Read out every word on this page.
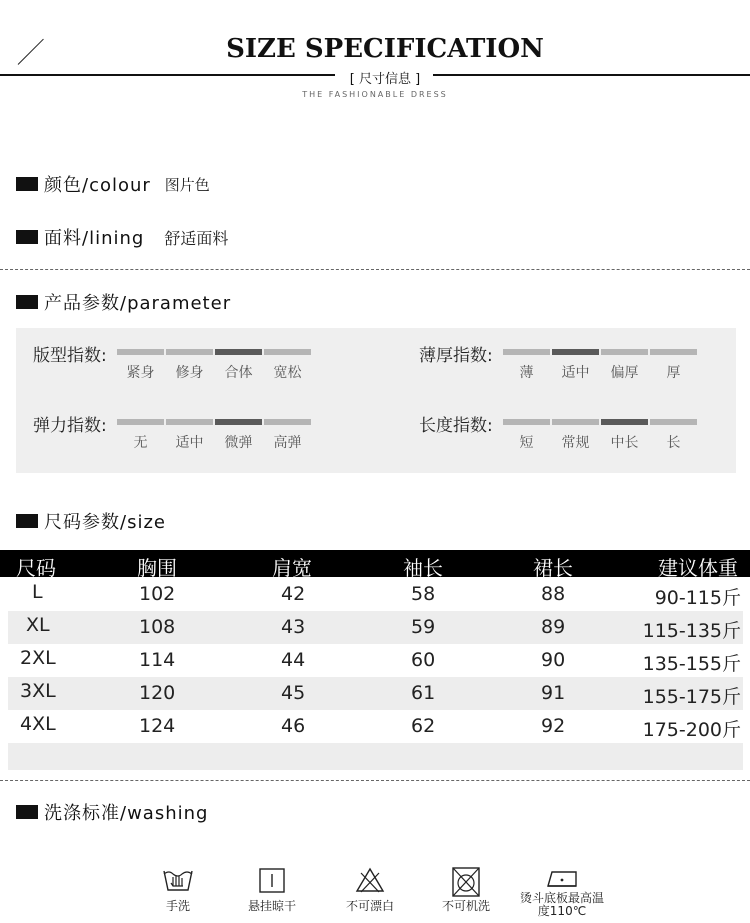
SIZE SPECIFICATION
[ 尺寸信息 ]
THE FASHIONABLE DRESS
颜色/colour 图片色
面料/lining 舒适面料
产品参数/parameter
版型指数:
紧身	修身	合体	宽松
薄厚指数:
薄	适中	偏厚	厚
弹力指数:
无	适中	微弹	高弹
长度指数:
短	常规	中长	长
尺码参数/size
尺码	胸围	肩宽	袖长	裙长	建议体重
L	102	42	58	88	90-115斤
XL	108	43	59	89	115-135斤
2XL	114	44	60	90	135-155斤
3XL	120	45	61	91	155-175斤
4XL	124	46	62	92	175-200斤
洗涤标准/washing
手洗	悬挂晾干	不可漂白	不可机洗
烫斗底板最高温度110℃
